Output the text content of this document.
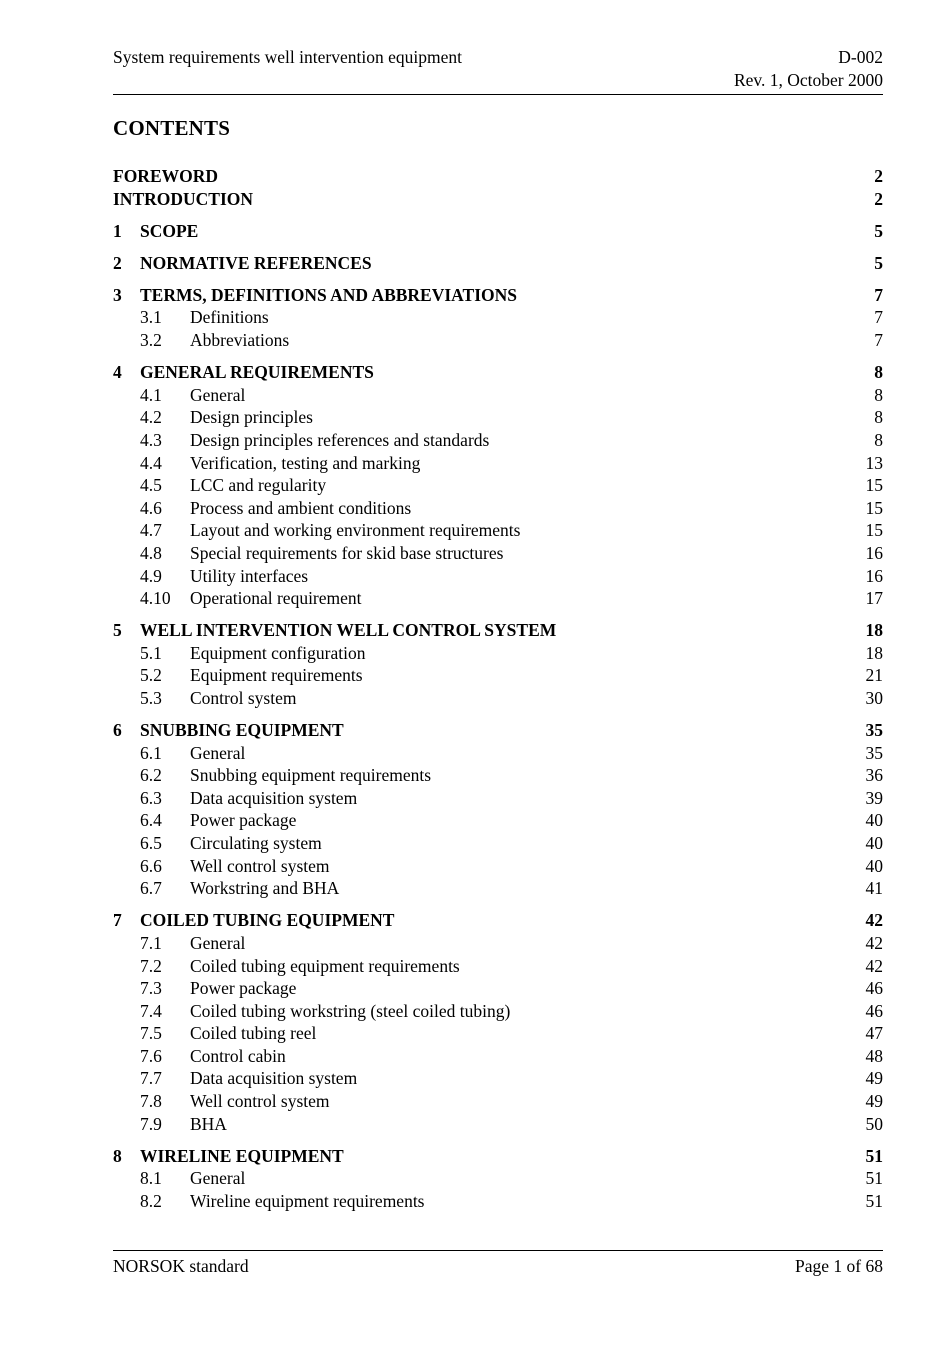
System requirements well intervention equipment	D-002
Rev. 1, October 2000
CONTENTS
FOREWORD	2
INTRODUCTION	2
1 SCOPE	5
2 NORMATIVE REFERENCES	5
3 TERMS, DEFINITIONS AND ABBREVIATIONS	7
3.1 Definitions	7
3.2 Abbreviations	7
4 GENERAL REQUIREMENTS	8
4.1 General	8
4.2 Design principles	8
4.3 Design principles references and standards	8
4.4 Verification, testing and marking	13
4.5 LCC and regularity	15
4.6 Process and ambient conditions	15
4.7 Layout and working environment requirements	15
4.8 Special requirements for skid base structures	16
4.9 Utility interfaces	16
4.10 Operational requirement	17
5 WELL INTERVENTION WELL CONTROL SYSTEM	18
5.1 Equipment configuration	18
5.2 Equipment requirements	21
5.3 Control system	30
6 SNUBBING EQUIPMENT	35
6.1 General	35
6.2 Snubbing equipment requirements	36
6.3 Data acquisition system	39
6.4 Power package	40
6.5 Circulating system	40
6.6 Well control system	40
6.7 Workstring and BHA	41
7 COILED TUBING EQUIPMENT	42
7.1 General	42
7.2 Coiled tubing equipment requirements	42
7.3 Power package	46
7.4 Coiled tubing workstring (steel coiled tubing)	46
7.5 Coiled tubing reel	47
7.6 Control cabin	48
7.7 Data acquisition system	49
7.8 Well control system	49
7.9 BHA	50
8 WIRELINE EQUIPMENT	51
8.1 General	51
8.2 Wireline equipment requirements	51
NORSOK standard	Page 1 of 68
